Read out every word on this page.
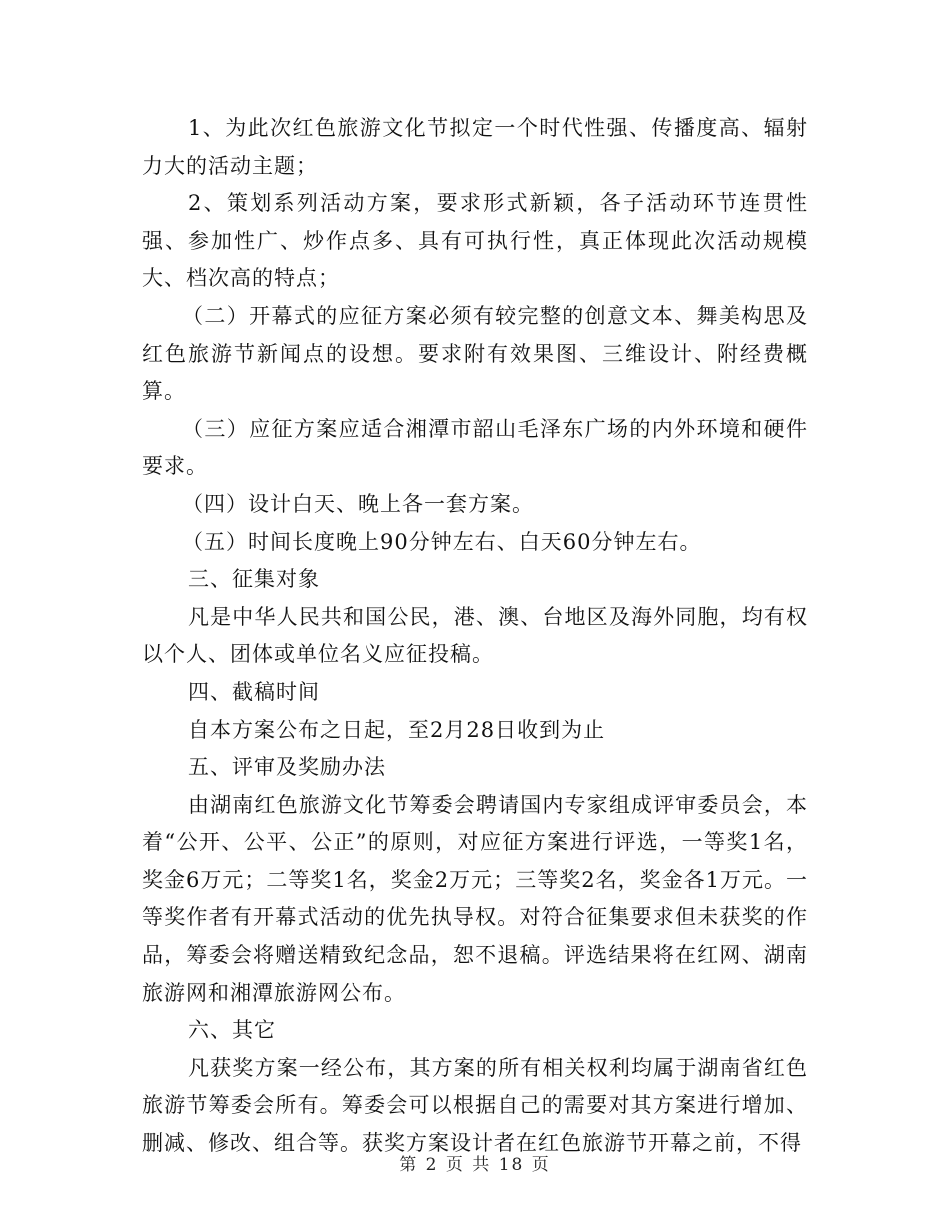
1、为此次红色旅游文化节拟定一个时代性强、传播度高、辐射力大的活动主题；

2、策划系列活动方案，要求形式新颖，各子活动环节连贯性强、参加性广、炒作点多、具有可执行性，真正体现此次活动规模大、档次高的特点；

（二）开幕式的应征方案必须有较完整的创意文本、舞美构思及红色旅游节新闻点的设想。要求附有效果图、三维设计、附经费概算。

（三）应征方案应适合湘潭市韶山毛泽东广场的内外环境和硬件要求。

（四）设计白天、晚上各一套方案。

（五）时间长度晚上90分钟左右、白天60分钟左右。

三、征集对象

凡是中华人民共和国公民，港、澳、台地区及海外同胞，均有权以个人、团体或单位名义应征投稿。

四、截稿时间

自本方案公布之日起，至2月28日收到为止

五、评审及奖励办法

由湖南红色旅游文化节筹委会聘请国内专家组成评审委员会，本着“公开、公平、公正”的原则，对应征方案进行评选，一等奖1名，奖金6万元；二等奖1名，奖金2万元；三等奖2名，奖金各1万元。一等奖作者有开幕式活动的优先执导权。对符合征集要求但未获奖的作品，筹委会将赠送精致纪念品，恕不退稿。评选结果将在红网、湖南旅游网和湘潭旅游网公布。

六、其它

凡获奖方案一经公布，其方案的所有相关权利均属于湖南省红色旅游节筹委会所有。筹委会可以根据自己的需要对其方案进行增加、删减、修改、组合等。获奖方案设计者在红色旅游节开幕之前，不得

第 2 页 共 18 页
